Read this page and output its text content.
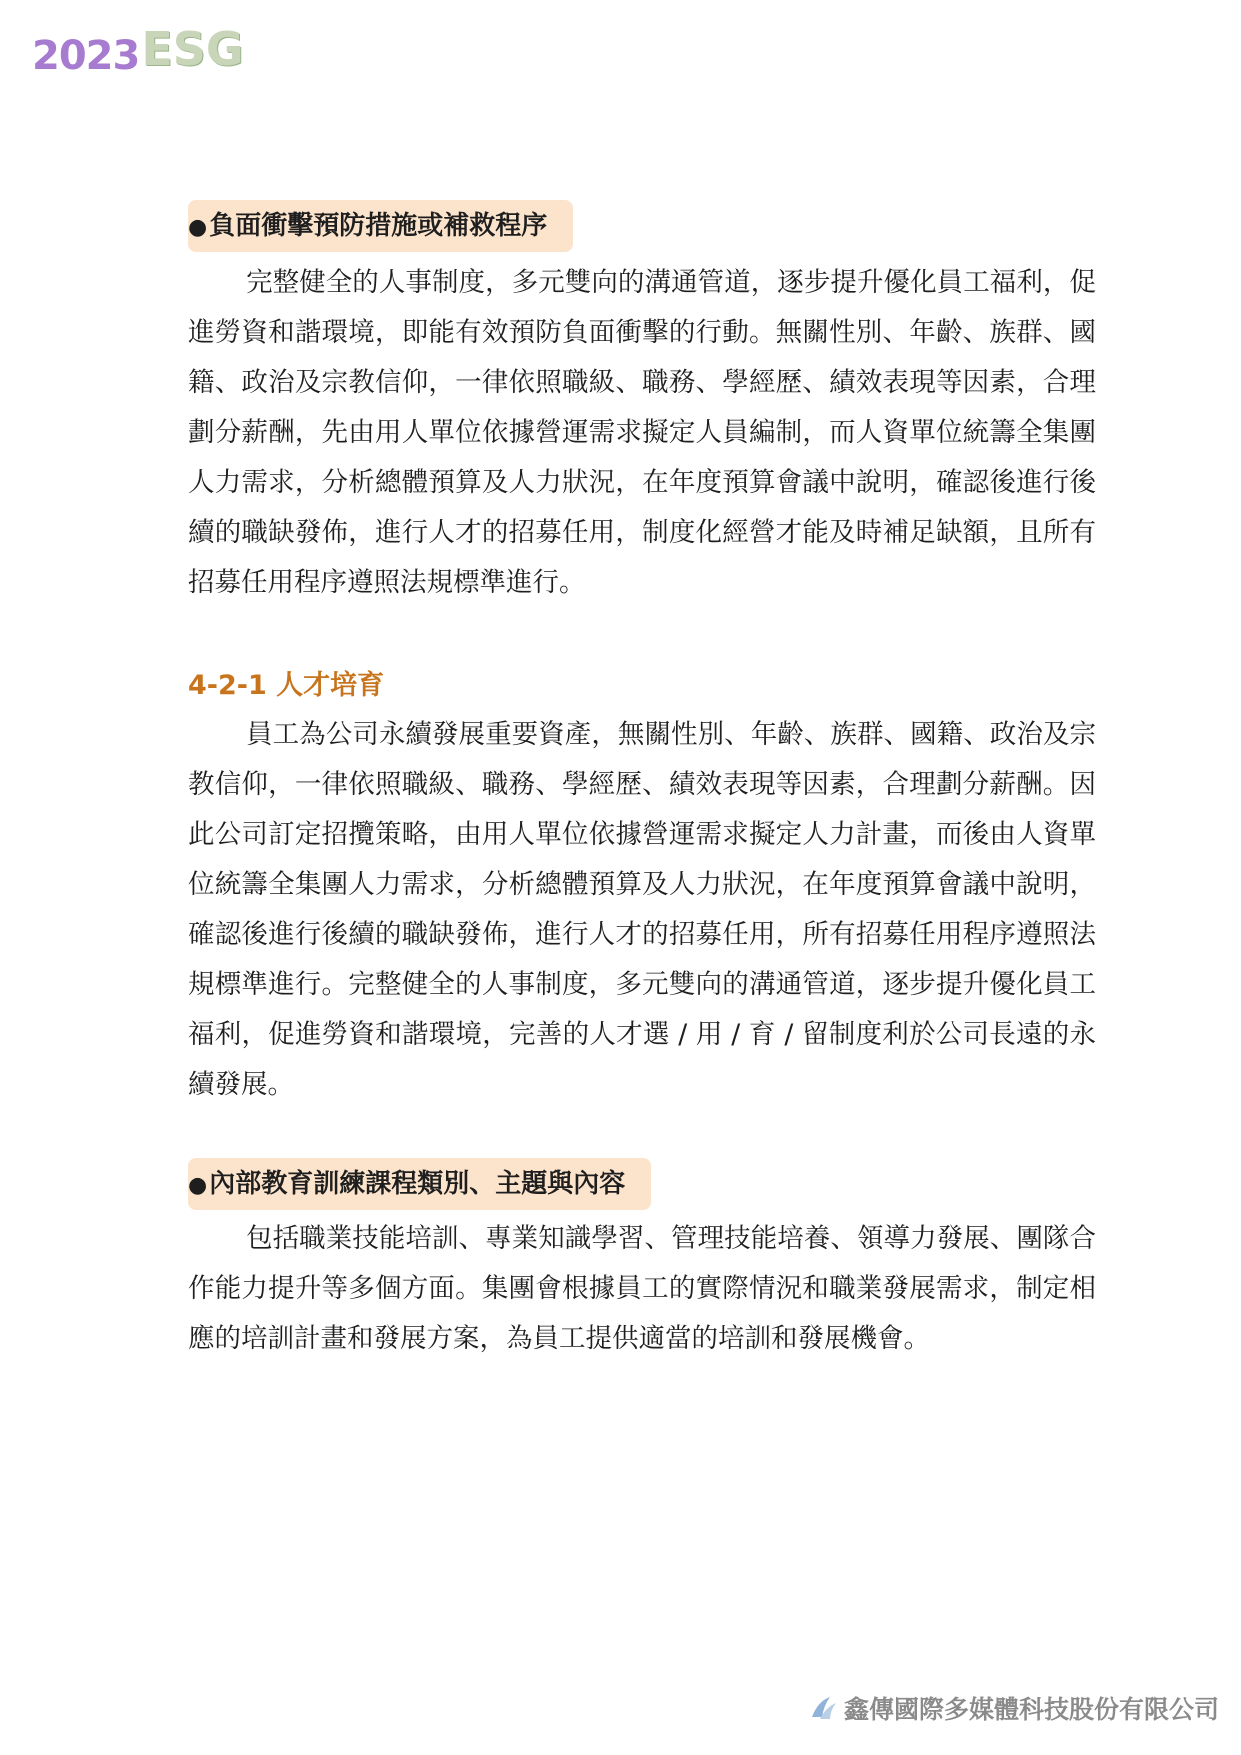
2023 ESG
●負面衝擊預防措施或補救程序

完整健全的人事制度，多元雙向的溝通管道，逐步提升優化員工福利，促進勞資和諧環境，即能有效預防負面衝擊的行動。無關性別、年齡、族群、國籍、政治及宗教信仰，一律依照職級、職務、學經歷、績效表現等因素，合理劃分薪酬，先由用人單位依據營運需求擬定人員編制，而人資單位統籌全集團人力需求，分析總體預算及人力狀況，在年度預算會議中說明，確認後進行後續的職缺發佈，進行人才的招募任用，制度化經營才能及時補足缺額，且所有招募任用程序遵照法規標準進行。

4-2-1 人才培育

員工為公司永續發展重要資產，無關性別、年齡、族群、國籍、政治及宗教信仰，一律依照職級、職務、學經歷、績效表現等因素，合理劃分薪酬。因此公司訂定招攬策略，由用人單位依據營運需求擬定人力計畫，而後由人資單位統籌全集團人力需求，分析總體預算及人力狀況，在年度預算會議中說明，確認後進行後續的職缺發佈，進行人才的招募任用，所有招募任用程序遵照法規標準進行。完整健全的人事制度，多元雙向的溝通管道，逐步提升優化員工福利，促進勞資和諧環境，完善的人才選 / 用 / 育 / 留制度利於公司長遠的永續發展。

●內部教育訓練課程類別、主題與內容

包括職業技能培訓、專業知識學習、管理技能培養、領導力發展、團隊合作能力提升等多個方面。集團會根據員工的實際情況和職業發展需求，制定相應的培訓計畫和發展方案，為員工提供適當的培訓和發展機會。

鑫傳國際多媒體科技股份有限公司
